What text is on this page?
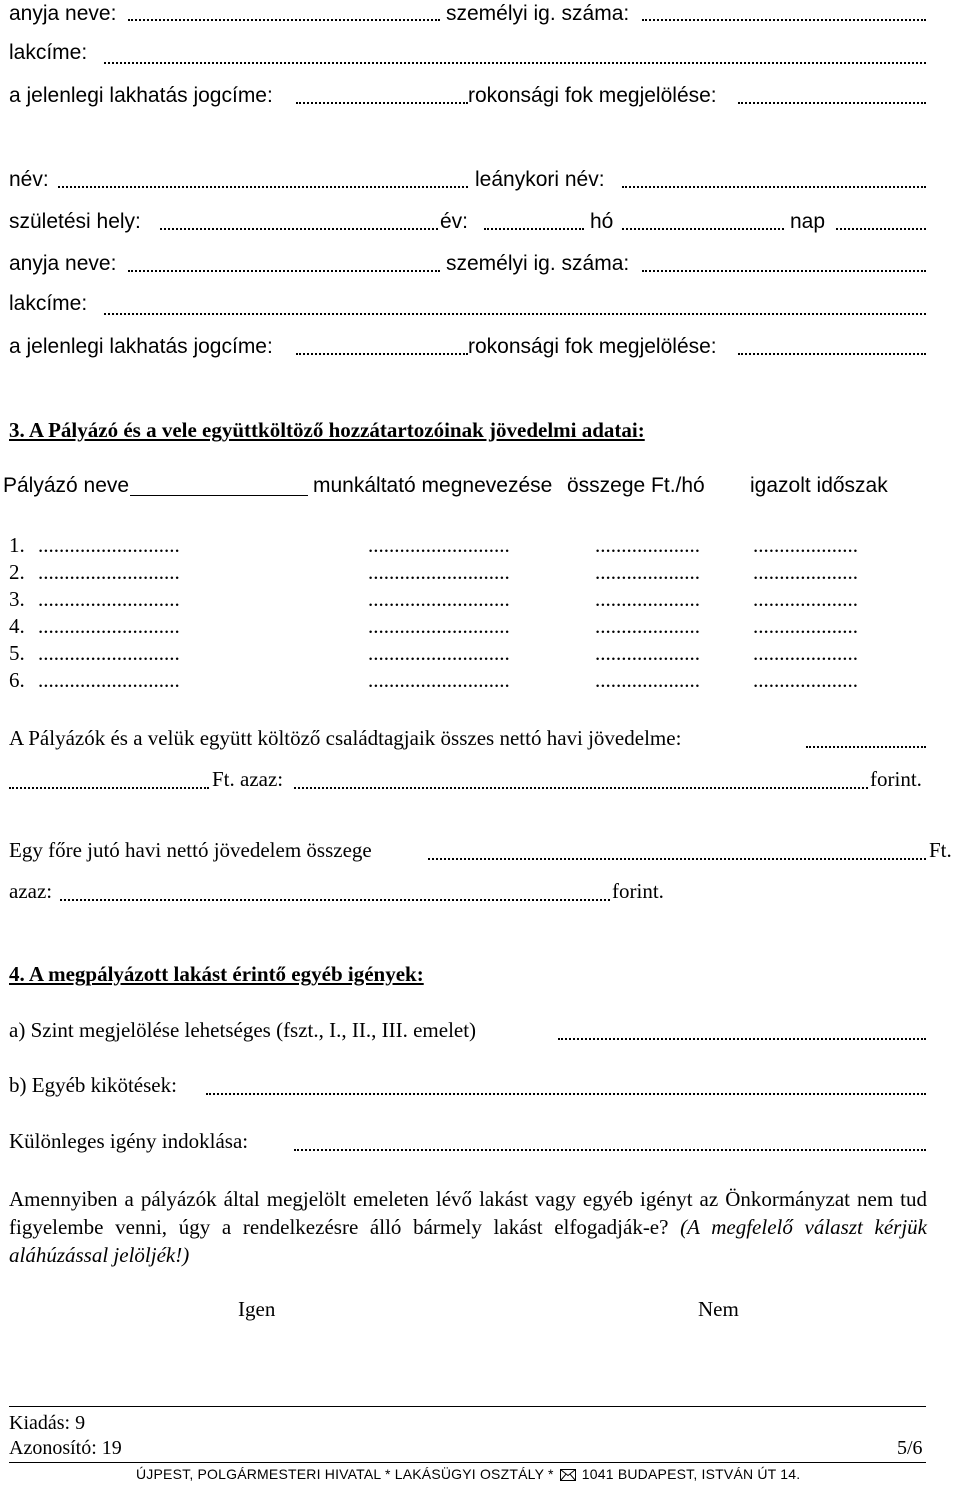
anyja neve:	személyi ig. száma:
lakcíme:
a jelenlegi lakhatás jogcíme:	rokonsági fok megjelölése:
név:	leánykori név:
születési hely:	év:	hó	nap
anyja neve:	személyi ig. száma:
lakcíme:
a jelenlegi lakhatás jogcíme:	rokonsági fok megjelölése:
3. A Pályázó és a vele együttköltöző hozzátartozóinak jövedelmi adatai:
Pályázó neve	munkáltató megnevezése összege Ft./hó igazolt időszak
1. ...........................	...........................	....................	....................
2. ...........................	...........................	....................	....................
3. ...........................	...........................	....................	....................
4. ...........................	...........................	....................	....................
5. ...........................	...........................	....................	....................
6. ...........................	...........................	....................	....................
A Pályázók és a velük együtt költöző családtagjaik összes nettó havi jövedelme:
Ft. azaz:	forint.
Egy főre jutó havi nettó jövedelem összege	Ft.
azaz:	forint.
4. A megpályázott lakást érintő egyéb igények:
a) Szint megjelölése lehetséges (fszt., I., II., III. emelet)
b) Egyéb kikötések:
Különleges igény indoklása:
Amennyiben a pályázók által megjelölt emeleten lévő lakást vagy egyéb igényt az Önkormányzat nem tud figyelembe venni, úgy a rendelkezésre álló bármely lakást elfogadják-e? (A megfelelő választ kérjük aláhúzással jelöljék!)
Igen	Nem
Kiadás: 9
Azonosító: 19	5/6
ÚJPEST, POLGÁRMESTERI HIVATAL * LAKÁSÜGYI OSZTÁLY * 1041 BUDAPEST, ISTVÁN ÚT 14.
